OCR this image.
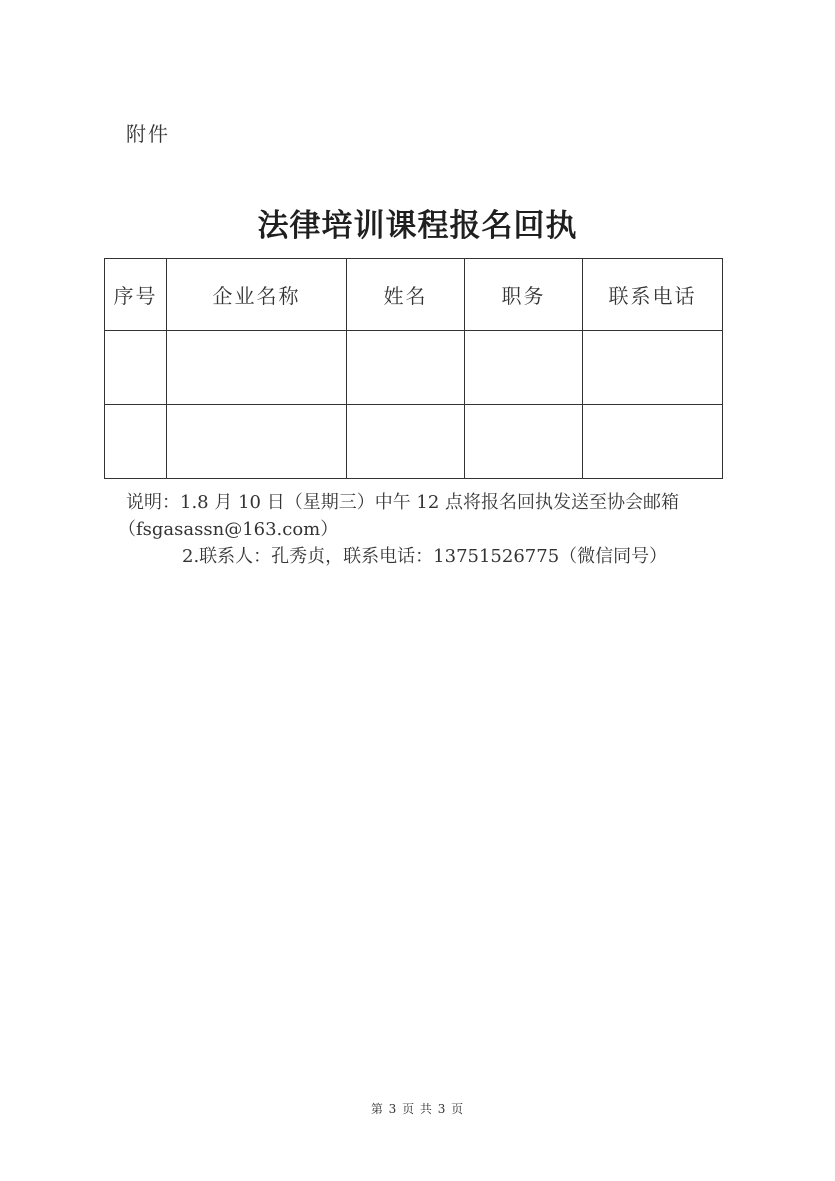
附件
法律培训课程报名回执
序号	企业名称	姓名	职务	联系电话

说明：1.8 月 10 日（星期三）中午 12 点将报名回执发送至协会邮箱
（fsgasassn@163.com）
2.联系人：孔秀贞，联系电话：13751526775（微信同号）
第 3 页 共 3 页
